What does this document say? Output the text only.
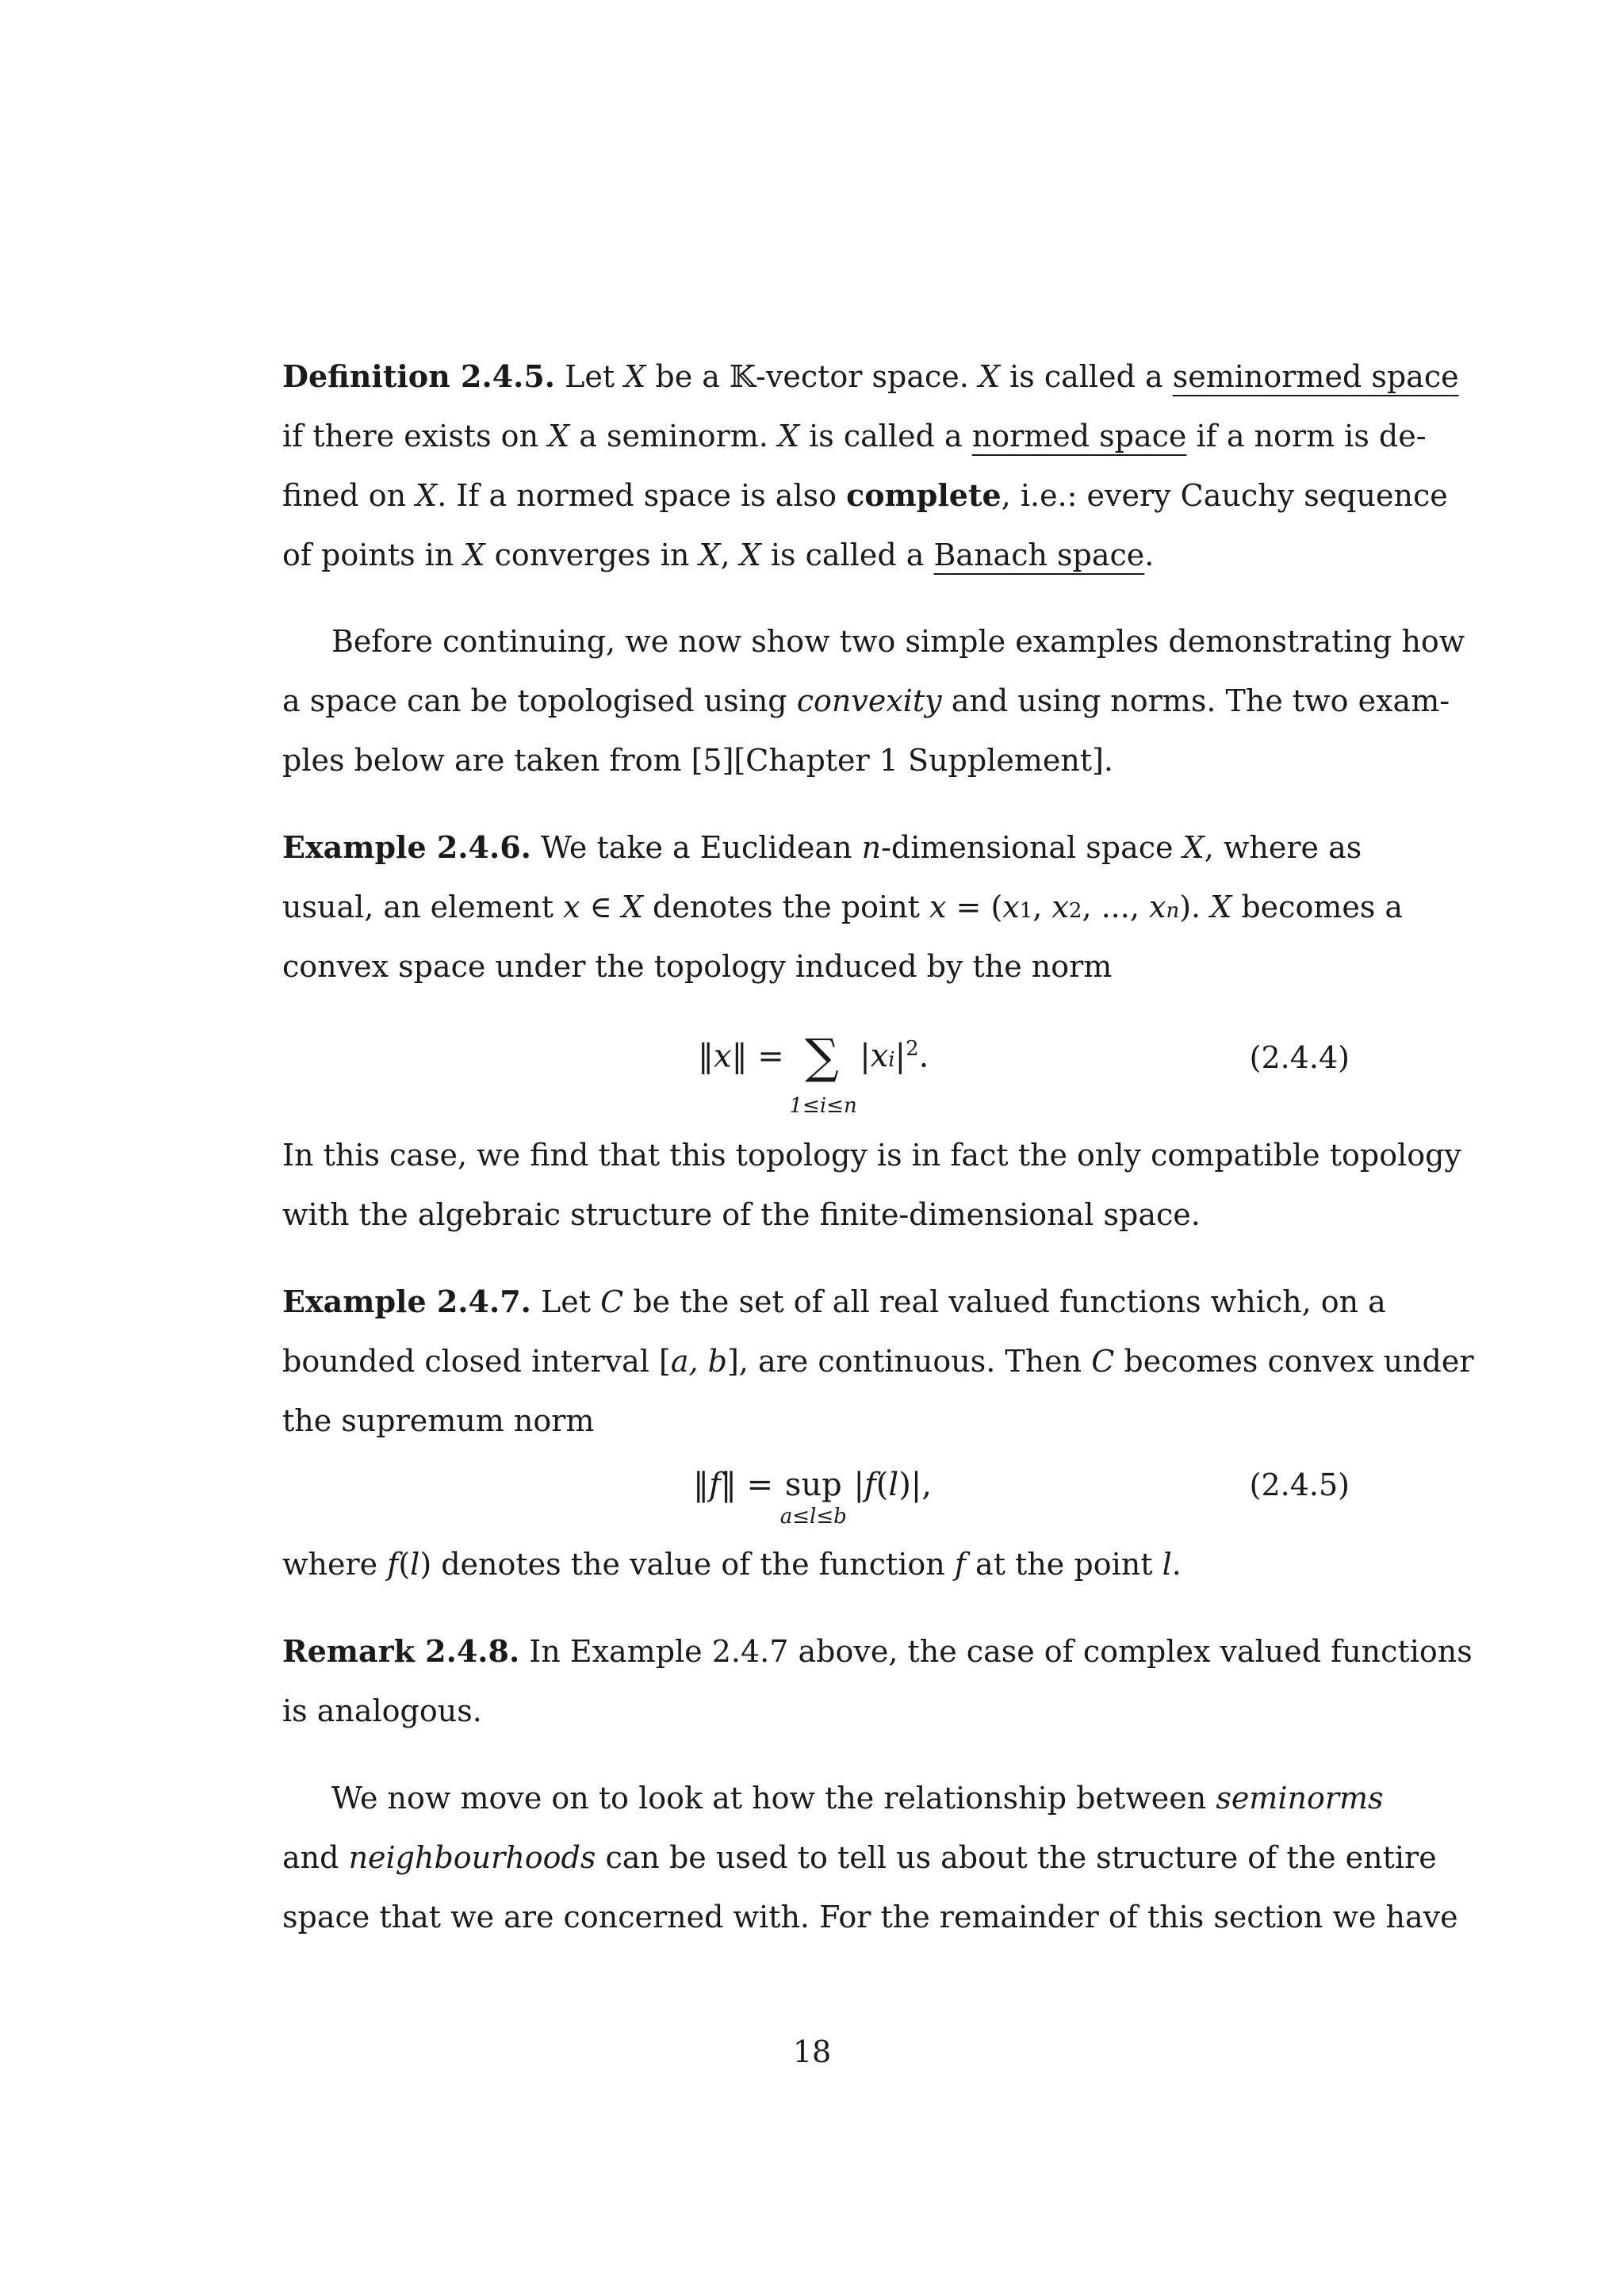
Definition 2.4.5. Let X be a 𝕂-vector space. X is called a seminormed space
if there exists on X a seminorm. X is called a normed space if a norm is de-
fined on X. If a normed space is also complete, i.e.: every Cauchy sequence
of points in X converges in X, X is called a Banach space.
Before continuing, we now show two simple examples demonstrating how
a space can be topologised using convexity and using norms. The two exam-
ples below are taken from [5][Chapter 1 Supplement].
Example 2.4.6. We take a Euclidean n-dimensional space X, where as
usual, an element x ∈ X denotes the point x = (x1, x2, ..., xn). X becomes a
convex space under the topology induced by the norm
‖x‖ = ∑
1≤i≤n
$|xi|^2$.	(2.4.4)
In this case, we find that this topology is in fact the only compatible topology
with the algebraic structure of the finite-dimensional space.
Example 2.4.7. Let C be the set of all real valued functions which, on a
bounded closed interval [a, b], are continuous. Then C becomes convex under
the supremum norm
‖f‖ = sup
a≤l≤b
|f(l)|,	(2.4.5)
where f(l) denotes the value of the function f at the point l.
Remark 2.4.8. In Example 2.4.7 above, the case of complex valued functions
is analogous.
We now move on to look at how the relationship between seminorms
and neighbourhoods can be used to tell us about the structure of the entire
space that we are concerned with. For the remainder of this section we have
18
